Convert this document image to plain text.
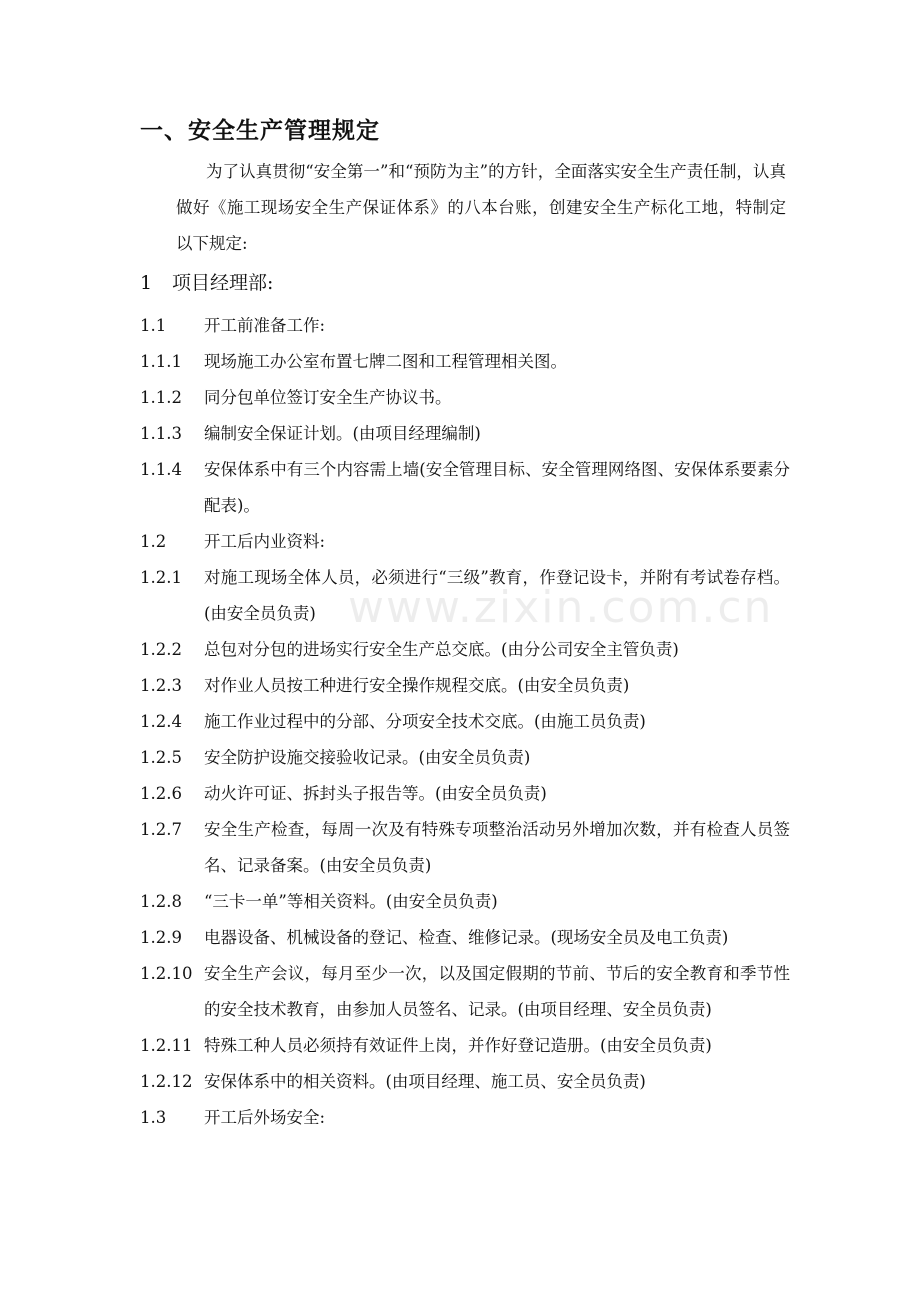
一、安全生产管理规定
为了认真贯彻“安全第一”和“预防为主”的方针，全面落实安全生产责任制，认真做好《施工现场安全生产保证体系》的八本台账，创建安全生产标化工地，特制定以下规定:
1 项目经理部:
1.1	开工前准备工作:
1.1.1	现场施工办公室布置七牌二图和工程管理相关图。
1.1.2	同分包单位签订安全生产协议书。
1.1.3	编制安全保证计划。(由项目经理编制)
1.1.4	安保体系中有三个内容需上墙(安全管理目标、安全管理网络图、安保体系要素分配表)。
1.2	开工后内业资料:
1.2.1	对施工现场全体人员，必须进行“三级”教育，作登记设卡，并附有考试卷存档。(由安全员负责)
1.2.2	总包对分包的进场实行安全生产总交底。(由分公司安全主管负责)
1.2.3	对作业人员按工种进行安全操作规程交底。(由安全员负责)
1.2.4	施工作业过程中的分部、分项安全技术交底。(由施工员负责)
1.2.5	安全防护设施交接验收记录。(由安全员负责)
1.2.6	动火许可证、拆封头子报告等。(由安全员负责)
1.2.7	安全生产检查，每周一次及有特殊专项整治活动另外增加次数，并有检查人员签名、记录备案。(由安全员负责)
1.2.8	“三卡一单”等相关资料。(由安全员负责)
1.2.9	电器设备、机械设备的登记、检查、维修记录。(现场安全员及电工负责)
1.2.10 安全生产会议，每月至少一次，以及国定假期的节前、节后的安全教育和季节性的安全技术教育，由参加人员签名、记录。(由项目经理、安全员负责)
1.2.11 特殊工种人员必须持有效证件上岗，并作好登记造册。(由安全员负责)
1.2.12 安保体系中的相关资料。(由项目经理、施工员、安全员负责)
1.3	开工后外场安全:
www.zixin.com.cn
